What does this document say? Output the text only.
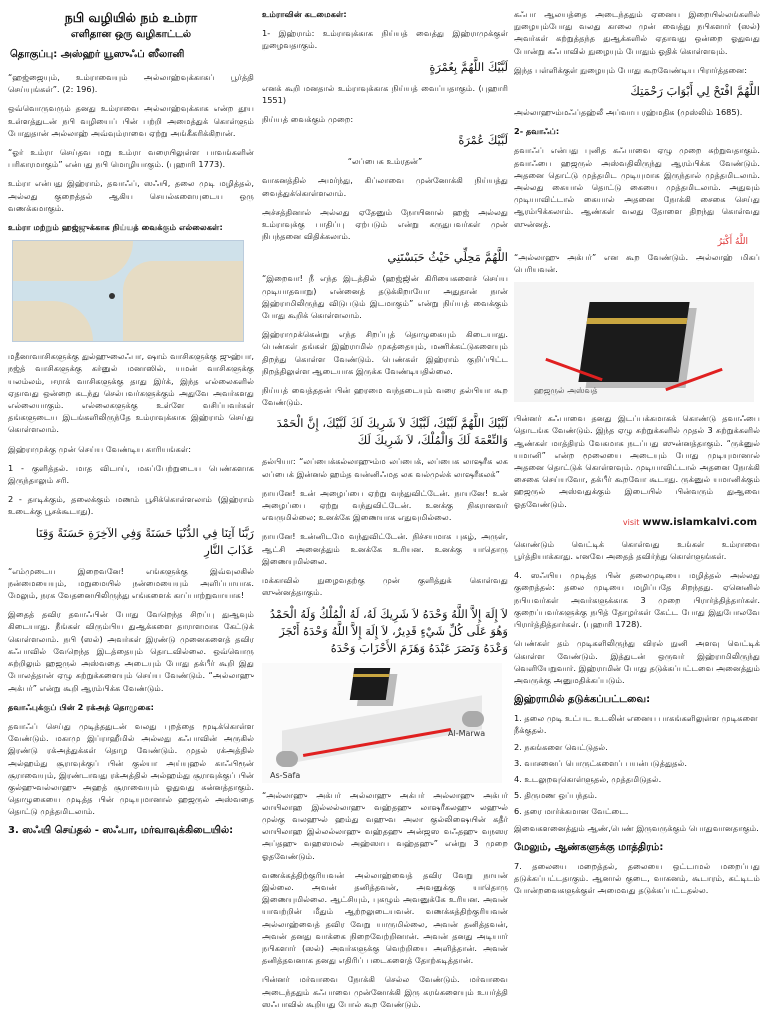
நபி வழியில் நம் உம்ரா
எளிதான ஒரு வழிகாட்டல்
தொகுப்பு: அஸ்ஹர் யூஸுஃப் ஸீலானி

“ஹஜ்ஜையும், உம்ராவையும் அல்லாஹ்வுக்காகப் பூர்த்தி செய்யுங்கள்”. (2: 196).

ஒவ்வொருவரும் தனது உம்ராவை அல்லாஹ்வுக்காக என்ற தூய உள்ளத்துடன் நபி வழியைப் பின் பற்றி அமைத்துக் கொள்ளும் போதுதான் அல்லாஹ் அவ்வும்ராவை ஏற்று அங்கீகரிக்கிறான்.

“ஓர் உம்ரா செய்தவ மறு உம்ரா வரையிலுள்ள பாவங்களின் பரிகாரமாகும்” என்பது நபி மொழியாகும். (புஹாரி 1773).

உம்ரா என்பது இஹ்ராம், தவாஃப், ஸஃயி, தலை முடி மழித்தல், அல்லது குறைத்தல் ஆகிய செயல்களையுடைய ஒரு வணக்கமாகும்.

உம்ரா மற்றும் ஹஜ்ஜுக்காக நிய்யத் வைக்கும் எல்லைகள்:

மதீனாவாசிகளுக்கு துல்ஹுலைஃபா, ஷாம் வாசிகளுக்கு ஜுஹ்பா, நஜ்த் வாசிகளுக்கு கர்னுல் மனாஸில், யமன் வாசிகளுக்கு யலம்லம், ஈராக் வாசிகளுக்கு தாது இர்க், இந்த எல்லைகளில் ஏதாவது ஒன்றை கடந்து செல்பவர்களுக்கும் அதுவே அவர்களது எல்லையாகும். எல்லைகளுக்கு உள்ளே வசிப்பவர்கள் தங்களுடைய இடங்களிலிருந்தே உம்ராவுக்காக இஹ்ராம் செய்து கொள்ளலாம்.

இஹ்ராமுக்கு முன் செய்ய வேண்டிய காரியங்கள்:

1 - குளித்தல். மாத விடாய், மகப்பேற்றுடைய பெண்களாக இருந்தாலும் சரி.

2 - தாடிக்கும், தலைக்கும் மணம் பூசிக்கொள்ளலாம் (இஹ்ராம் உடைக்கு பூசக்கூடாது).

رَبَّنَا آتِنَا فِي الدُّنْيَا حَسَنَةً وَفِي الآخِرَةِ حَسَنَةً وَقِنَا عَذَابَ النَّارِ

“எம்முடைய இறைவனே! எங்களுக்கு இவ்வுலகில் நன்மையையும், மறுமையில் நன்மையையும் அளிப்பாயாக. மேலும், நரக வேதனையிலிருந்து எங்களைக் காப்பாற்றுவாயாக!

இதைத் தவிர தவாஃபின் போது வேறெந்த சிறப்பு துஆவும் கிடையாது. நீங்கள் விரும்பிய துஆக்களை தாராளமாக கேட்டுக் கொள்ளலாம். நபி (ஸல்) அவர்கள் இரண்டு முனைகளைத் தவிர கஃபாவில் வேறெந்த இடத்தையும் தொடவில்லை. ஒவ்வொரு சுற்றிலும் ஹஜருல் அஸ்வதை அடையும் போது தக்பீர் கூறி இது போலத்தான் ஏழு சுற்றுக்களையும் செய்ய வேண்டும். “அல்லாஹு அக்பர்” என்று கூறி ஆரம்பிக்க வேண்டும்.

தவாஃபுக்குப் பின் 2 ரக்அத் தொழுகை:

தவாஃப் செய்து முடித்ததுடன் வலது புறத்தை மூடிக்கொள்ள வேண்டும். மகாமு இப்ராஹீமில் அல்லது கஃபாவின் அருகில் இரண்டு ரக்அத்துக்கள் தொழ வேண்டும். முதல் ரக்அத்தில் அல்ஹம்து சூராவுக்குப் பின் குல்யா அய்யுஹல் காஃபிரூன் சூராவையும், இரண்டாவது ரக்அத்தில் அல்ஹம்து சூராவுக்குப் பின் குல்ஹுவல்லாஹு அஹத் சூராவையும் ஓதுவது சுன்னத்தாகும். தொழுகையை முடித்த பின் முடியுமானால் ஹஜருல் அஸ்வதை தொட்டு முத்தமிடலாம்.

3. ஸஃயி செய்தல் - ஸஃபா, மர்வாவுக்கிடையில்:

உம்ராவின் கடமைகள்:

1- இஹ்ராம்: உம்ராவுக்காக நிய்யத் வைத்து இஹ்ராமுக்குள் நுழைவதாகும்.

لَبَّيْكَ اللَّهُمَّ بِعُمْرَةٍ

எனக் கூறி மனதால் உம்ராவுக்காக நிய்யத் வைப்பதாகும். (புஹாரி 1551)

நிய்யத் வைக்கும் முறை:

لَبَّيْكَ عُمْرَةً

“லப்பைக உம்ரதன்”

வாகனத்தில் அமர்ந்து, கிப்லாவை முன்னோக்கி நிய்யத்து வைத்துக்கொள்ளலாம்.

அச்சத்தினால் அல்லது ஏதேனும் நோயினால் ஹஜ் அல்லது உம்ராவுக்கு பாதிப்பு ஏற்படும் என்று கருதுபவர்கள் முன் நிபந்தனை விதிக்கலாம்.

اللَّهُمَّ مَحِلِّي حَيْثُ حَبَسْتَنِي

“இறைவா! நீ எந்த இடத்தில் (ஹஜ்ஜின் கிரியைகளைச் செய்ய முடியாதவாறு) என்னைத் தடுக்கிறாயோ அதுதான் நான் இஹ்ராமிலிருந்து விடுபடும் இடமாகும்” என்று நிய்யத் வைக்கும் போது கூறிக் கொள்ளலாம்.

இஹ்ராமுக்கென்று எந்த சிறப்புத் தொழுகையும் கிடையாது. பெண்கள் தங்கள் இஹ்ராமில் முகத்தையும், மணிக்கட்டுகளையும் திறந்து கொள்ள வேண்டும். பெண்கள் இஹ்ராம் குறிப்பிட்ட நிறத்திலுள்ள ஆடையாக இருக்க வேண்டியதில்லை.

நிய்யத் வைத்ததன் பின் ஹரமை வந்தடையும் வரை தல்பியா கூற வேண்டும்.

لَبَّيْكَ اللَّهُمَّ لَبَّيْكَ، لَبَّيْكَ لاَ شَرِيكَ لَكَ لَبَّيْكَ، إِنَّ الْحَمْدَ وَالنِّعْمَةَ لَكَ وَالْمُلْكَ، لاَ شَرِيكَ لَكَ

தல்பியா: “லப்பைக்கல்லாஹும்ம லப்பைக், லப்பைக லாஷரீக லக லப்பைக் இன்னல் ஹம்த வன்னிஃமத லக வல்முல்க் லாஷரீகலக்”

நாயனே! உன் அழைப்பை ஏற்று வந்துவிட்டேன். நாயனே! உன் அழைப்பை ஏற்று வந்துவிட்டேன். உனக்கு நிகரானவர் எவருமில்லை; உனக்கே இணையாக எதுவுமில்லை.

நாயனே! உன்னிடமே வந்துவிட்டேன். நிச்சயமாக புகழ், அருள், ஆட்சி அனைத்தும் உனக்கே உரியன. உனக்கு யாதொரு இணையுமில்லை.

மக்காவில் நுழைவதற்கு முன் குளித்துக் கொள்வது ஸுன்னத்தாகும்.

لاَ إِلَهَ إِلاَّ اللَّهُ وَحْدَهُ لاَ شَرِيكَ لَهُ، لَهُ الْمُلْكُ وَلَهُ الْحَمْدُ وَهُوَ عَلَى كُلِّ شَيْءٍ قَدِيرٌ، لاَ إِلَهَ إِلاَّ اللَّهُ وَحْدَهُ أَنْجَزَ وَعْدَهُ وَنَصَرَ عَبْدَهُ وَهَزَمَ الأَحْزَابَ وَحْدَهُ

As-Safa
Al-Marwa

“அல்லாஹு அக்பர் அல்லாஹு அக்பர் அல்லாஹு அக்பர் லாயிலாஹ இல்லல்லாஹு வஹ்தஹு லாஷரீகலஹு லஹுல் முல்கு வலஹுல் ஹம்து வஹுவ அலா குல்லிஷையின் கதீர் லாயிலாஹ இல்லல்லாஹு வஹ்தஹு அன்ஜஸ வஃதஹு வநஸர அப்தஹு வஹஸமல் அஹ்ஸாப வஹ்தஹு” என்று 3 முறை ஓதவேண்டும்.

வணக்கத்திற்குரியவன் அல்லாஹ்வைத் தவிர வேறு நாயன் இல்லை. அவன் தனித்தவன், அவனுக்கு யாதொரு இணையுமில்லை. ஆட்சியும், புகழும் அவனுக்கே உரியன. அவன் யாவற்றின் மீதும் ஆற்றலுடையவன். வணக்கத்திற்குரியவன் அல்லாஹ்வைத் தவிர வேறு யாருமில்லை, அவன் தனித்தவன், அவன் தனது வாக்கை நிறைவேற்றினான். அவன் தனது அடியார் நபிகளார் (ஸல்) அவர்களுக்கு வெற்றியை அளித்தான். அவன் தனித்தவனாக தனது எதிரிப் படைகளைத் தோற்கடித்தான்.

பின்னர் மர்வாவை நோக்கி செல்ல வேண்டும். மர்வாவை அடைந்ததும் கஃபாவை முன்னோக்கி இரு கரங்களையும் உயர்த்தி ஸஃபாவில் கூறியது போல் கூற வேண்டும்.

கஃபா ஆலயத்தை அடைந்ததும் ஏனைய இறையில்லங்களில் நுழையும்போது வலது காலை முன் வைத்து நபிகளார் (ஸல்) அவர்கள் கற்றுத்தந்த துஆக்களில் ஏதாவது ஒன்றை ஓதுவது போன்று கஃபாவில் நுழையும் போதும் ஓதிக் கொள்ளவும்.

இந்த பள்ளிக்குள் நுழையும் போது கூறவேண்டிய பிரார்த்தனை:

اللَّهُمَّ افْتَحْ لِي أَبْوَابَ رَحْمَتِكَ

அல்லாஹும்மஃப்தஹ்லீ அப்வாப ரஹ்மதிக (முஸ்லிம் 1685).

2- தவாஃப்:

தவாஃப் என்பது புனித கஃபாவை ஏழு முறை சுற்றுவதாகும். தவாஃபை ஹஜருல் அஸ்வதிலிருந்து ஆரம்பிக்க வேண்டும். அதனை தொட்டு முத்தமிட முடியுமாக இருந்தால் முத்தமிடலாம். அல்லது கையால் தொட்டு கையை முத்தமிடலாம். அதுவும் முடியாவிட்டால் கையால் அதனை நோக்கி சைகை செய்து ஆரம்பிக்கலாம். ஆண்கள் வலது தோளை திறந்து கொள்வது ஸுன்னத்.

اللَّهُ أَكْبَرُ

“அல்லாஹு அக்பர்” என கூற வேண்டும். அல்லாஹ் மிகப் பெரியவன்.

ஹஜருல் அஸ்வத்

பின்னர் கஃபாவை தனது இடப்பக்கமாகக் கொண்டு தவாஃபை தொடங்க வேண்டும். இந்த ஏழு சுற்றுக்களில் முதல் 3 சுற்றுக்களில் ஆண்கள் மாத்திரம் வேகமாக நடப்பது ஸுன்னத்தாகும். “ருக்னுல் யமானி” என்ற மூலையை அடையும் போது முடியுமானால் அதனை தொட்டுக் கொள்ளவும். முடியாவிட்டால் அதனை நோக்கி சைகை செய்யவோ, தக்பீர் கூறவோ கூடாது. ருக்னுல் யமானிக்கும் ஹஜருல் அஸ்வதுக்கும் இடையில் பின்வரும் துஆவை ஓதவேண்டும்.

visit www.islamkalvi.com

கொண்டும் வெட்டிக் கொள்வது உங்கள் உம்ராவை பூர்த்தியாக்காது. எனவே அதைத் தவிர்ந்து கொள்ளுங்கள்.

4. ஸஃயிய முடித்த பின் தலைமுடியை மழித்தல் அல்லது குறைத்தல்: தலை முடியை மழிப்பதே சிறந்தது. ஏனெனில் நபியவர்கள் அவர்களுக்காக 3 முறை பிரார்த்தித்தார்கள். குறைப்பவர்களுக்கு நபித் தோழர்கள் கேட்ட போது இதுபோலவே பிரார்த்தித்தார்கள். (புஹாரி 1728).

பெண்கள் தம் முடிகளிலிருந்து விரல் நுனி அளவு வெட்டிக் கொள்ள வேண்டும். இத்துடன் ஒருவர் இஹ்ராமிலிருந்து வெளியேறுவார். இஹ்ராமின் போது தடுக்கப்பட்டவை அனைத்தும் அவருக்கு அனுமதிக்கப்படும்.

இஹ்ராமில் தடுக்கப்பட்டவை:
1. தலை முடி உட்பட உடலின் எனைய பாகங்களிலுள்ள முடிகளை நீக்குதல்.
2. நகங்களை வெட்டுதல்.
3. வாசனைப் பொருட்களைப் பயன்படுத்துதல்.
4. உடலுறவுகொள்ளுதல், முத்தமிடுதல்.
5. திருமண ஒப்பந்தம்.
6. தரை மார்க்கமான வேட்டை.

இவைகளனைத்தும் ஆண்,பெண் இருவருக்கும் பொதுவானதாகும்.

மேலும், ஆண்களுக்கு மாத்திரம்:

7. தலையை மறைத்தல், தலையை ஒட்டாமல் மறைப்பது தடுக்கப்பட்டதாகும். ஆனால் குடை, வாகனம், கூடாரம், கட்டிடம் போன்றவைகளுக்குள் அமைவது தடுக்கப்பட்டதல்ல.
